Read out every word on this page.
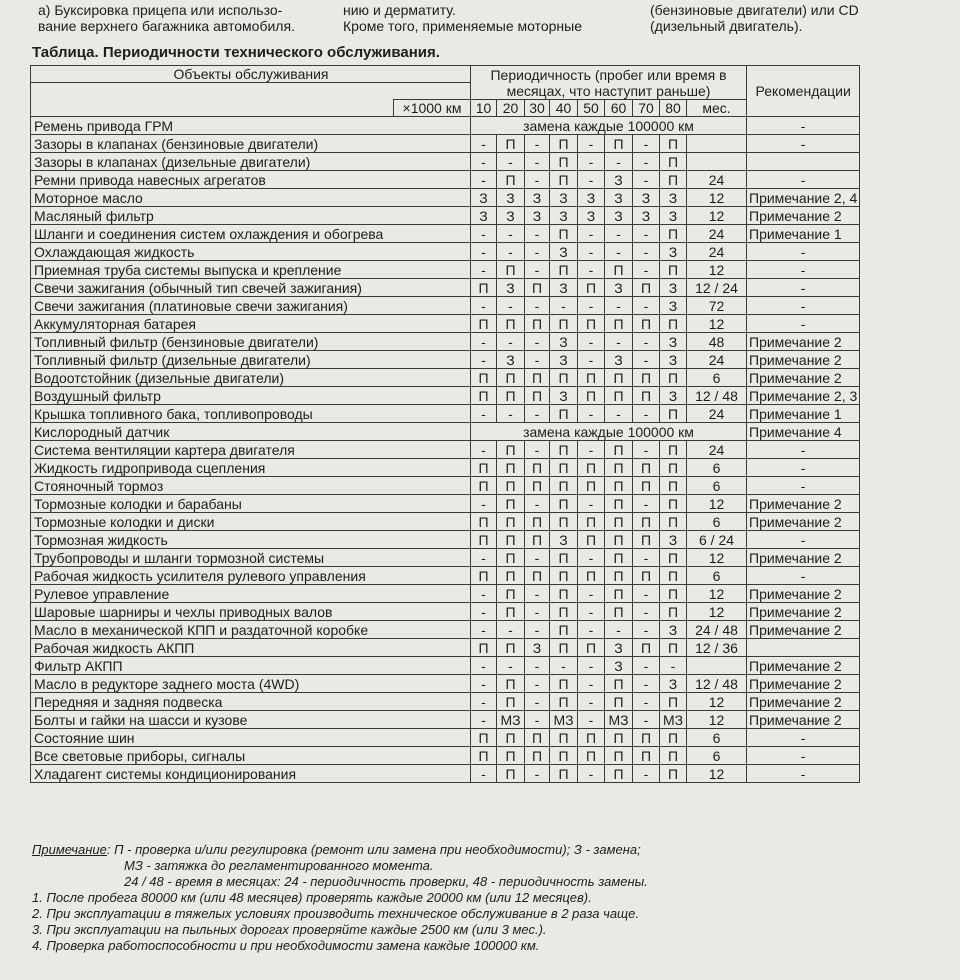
а) Буксировка прицепа или использо-
вание верхнего багажника автомобиля.
нию и дерматиту.
Кроме того, применяемые моторные
(бензиновые двигатели) или CD
(дизельный двигатель).
Таблица. Периодичности технического обслуживания.
Объекты обслуживания		Периодичность (пробег или время в месяцах, что наступит раньше)									Рекомендации

	×1000 км	10	20	30	40	50	60	70	80	мес.	
Ремень привода ГРМ		замена каждые 100000 км									-
Зазоры в клапанах (бензиновые двигатели)		-	П	-	П	-	П	-	П		-
Зазоры в клапанах (дизельные двигатели)		-	-	-	П	-	-	-	П		
Ремни привода навесных агрегатов		-	П	-	П	-	З	-	П	24	-
Моторное масло		З	З	З	З	З	З	З	З	12	Примечание 2, 4
Масляный фильтр		З	З	З	З	З	З	З	З	12	Примечание 2
Шланги и соединения систем охлаждения и обогрева		-	-	-	П	-	-	-	П	24	Примечание 1
Охлаждающая жидкость		-	-	-	З	-	-	-	З	24	-
Приемная труба системы выпуска и крепление		-	П	-	П	-	П	-	П	12	-
Свечи зажигания (обычный тип свечей зажигания)		П	З	П	З	П	З	П	З	12 / 24	-
Свечи зажигания (платиновые свечи зажигания)		-	-	-	-	-	-	-	З	72	-
Аккумуляторная батарея		П	П	П	П	П	П	П	П	12	-
Топливный фильтр (бензиновые двигатели)		-	-	-	З	-	-	-	З	48	Примечание 2
Топливный фильтр (дизельные двигатели)		-	З	-	З	-	З	-	З	24	Примечание 2
Водоотстойник (дизельные двигатели)		П	П	П	П	П	П	П	П	6	Примечание 2
Воздушный фильтр		П	П	П	З	П	П	П	З	12 / 48	Примечание 2, 3
Крышка топливного бака, топливопроводы		-	-	-	П	-	-	-	П	24	Примечание 1
Кислородный датчик		замена каждые 100000 км									Примечание 4
Система вентиляции картера двигателя		-	П	-	П	-	П	-	П	24	-
Жидкость гидропривода сцепления		П	П	П	П	П	П	П	П	6	-
Стояночный тормоз		П	П	П	П	П	П	П	П	6	-
Тормозные колодки и барабаны		-	П	-	П	-	П	-	П	12	Примечание 2
Тормозные колодки и диски		П	П	П	П	П	П	П	П	6	Примечание 2
Тормозная жидкость		П	П	П	З	П	П	П	З	6 / 24	-
Трубопроводы и шланги тормозной системы		-	П	-	П	-	П	-	П	12	Примечание 2
Рабочая жидкость усилителя рулевого управления		П	П	П	П	П	П	П	П	6	-
Рулевое управление		-	П	-	П	-	П	-	П	12	Примечание 2
Шаровые шарниры и чехлы приводных валов		-	П	-	П	-	П	-	П	12	Примечание 2
Масло в механической КПП и раздаточной коробке		-	-	-	П	-	-	-	З	24 / 48	Примечание 2
Рабочая жидкость АКПП		П	П	З	П	П	З	П	П	12 / 36	
Фильтр АКПП		-	-	-	-	-	З	-	-		Примечание 2
Масло в редукторе заднего моста (4WD)		-	П	-	П	-	П	-	З	12 / 48	Примечание 2
Передняя и задняя подвеска		-	П	-	П	-	П	-	П	12	Примечание 2
Болты и гайки на шасси и кузове		-	МЗ	-	МЗ	-	МЗ	-	МЗ	12	Примечание 2
Состояние шин		П	П	П	П	П	П	П	П	6	-
Все световые приборы, сигналы		П	П	П	П	П	П	П	П	6	-
Хладагент системы кондиционирования		-	П	-	П	-	П	-	П	12	-
Примечание: П - проверка и/или регулировка (ремонт или замена при необходимости); З - замена;
МЗ - затяжка до регламентированного момента.
24 / 48 - время в месяцах: 24 - периодичность проверки, 48 - периодичность замены.
1. После пробега 80000 км (или 48 месяцев) проверять каждые 20000 км (или 12 месяцев).
2. При эксплуатации в тяжелых условиях производить техническое обслуживание в 2 раза чаще.
3. При эксплуатации на пыльных дорогах проверяйте каждые 2500 км (или 3 мес.).
4. Проверка работоспособности и при необходимости замена каждые 100000 км.
